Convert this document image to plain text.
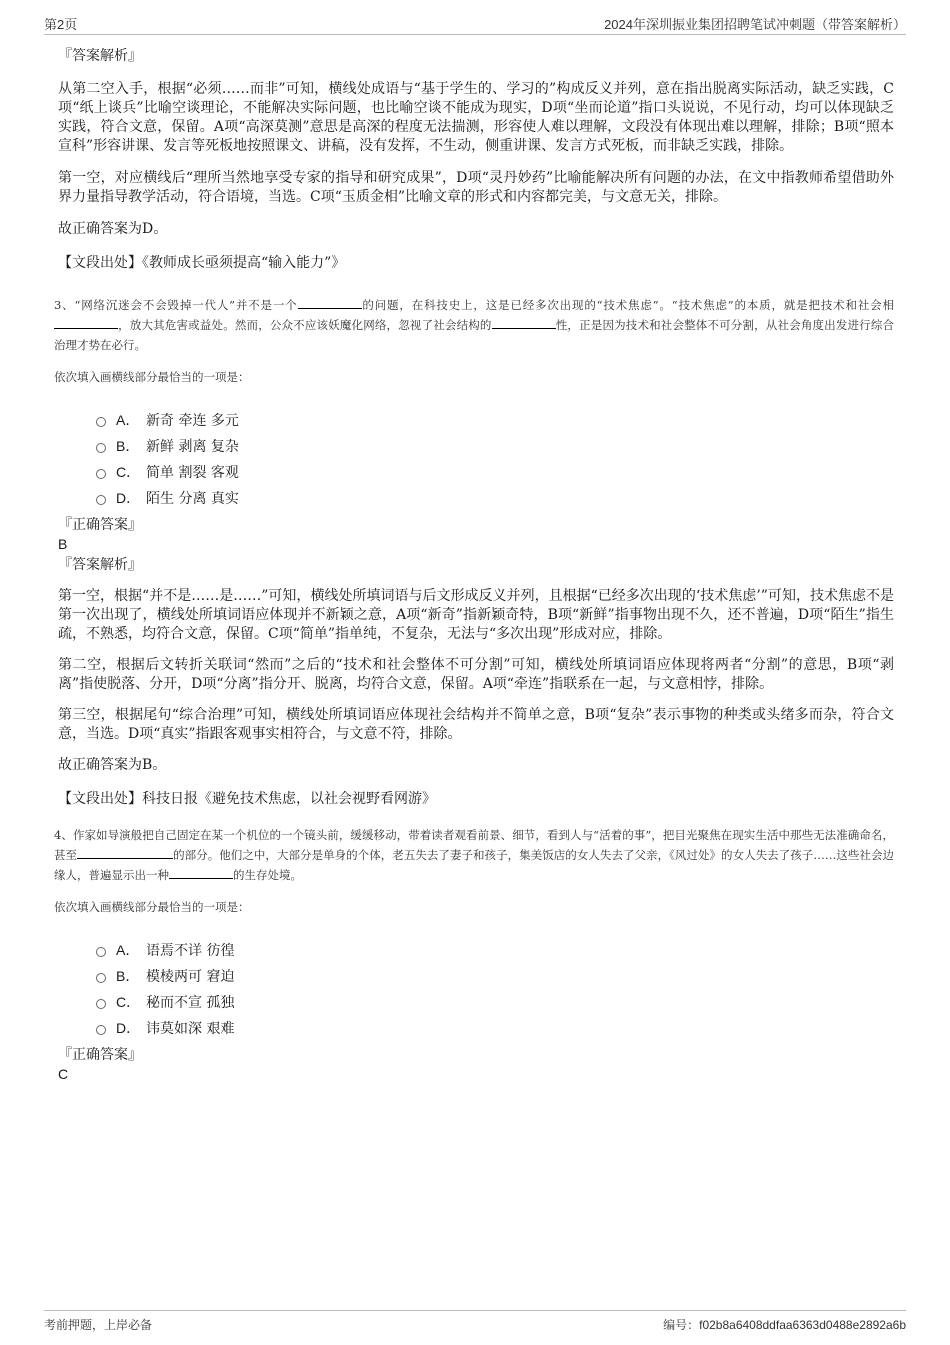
第2页	2024年深圳振业集团招聘笔试冲刺题（带答案解析）

『答案解析』

从第二空入手，根据“必须……而非”可知，横线处成语与“基于学生的、学习的”构成反义并列，意在指出脱离实际活动，缺乏实践，C项“纸上谈兵”比喻空谈理论，不能解决实际问题，也比喻空谈不能成为现实，D项“坐而论道”指口头说说，不见行动，均可以体现缺乏实践，符合文意，保留。A项“高深莫测”意思是高深的程度无法揣测，形容使人难以理解，文段没有体现出难以理解，排除；B项“照本宣科”形容讲课、发言等死板地按照课文、讲稿，没有发挥，不生动，侧重讲课、发言方式死板，而非缺乏实践，排除。

第一空，对应横线后“理所当然地享受专家的指导和研究成果”，D项“灵丹妙药”比喻能解决所有问题的办法，在文中指教师希望借助外界力量指导教学活动，符合语境，当选。C项“玉质金相”比喻文章的形式和内容都完美，与文意无关，排除。

故正确答案为D。

【文段出处】《教师成长亟须提高“输入能力”》

3、“网络沉迷会不会毁掉一代人”并不是一个	的问题，在科技史上，这是已经多次出现的“技术焦虑”。“技术焦虑”的本质，就是把技术和社会相，放大其危害或益处。然而，公众不应该妖魔化网络，忽视了社会结构的	性，正是因为技术和社会整体不可分割，从社会角度出发进行综合治理才势在必行。

依次填入画横线部分最恰当的一项是：

A． 新奇 牵连 多元
B． 新鲜 剥离 复杂
C． 简单 割裂 客观
D． 陌生 分离 真实

『正确答案』

B

『答案解析』

第一空，根据“并不是……是……”可知，横线处所填词语与后文形成反义并列，且根据“已经多次出现的‘技术焦虑’”可知，技术焦虑不是第一次出现了，横线处所填词语应体现并不新颖之意，A项“新奇”指新颖奇特，B项“新鲜”指事物出现不久，还不普遍，D项“陌生”指生疏，不熟悉，均符合文意，保留。C项“简单”指单纯，不复杂，无法与“多次出现”形成对应，排除。

第二空，根据后文转折关联词“然而”之后的“技术和社会整体不可分割”可知，横线处所填词语应体现将两者“分割”的意思，B项“剥离”指使脱落、分开，D项“分离”指分开、脱离，均符合文意，保留。A项“牵连”指联系在一起，与文意相悖，排除。

第三空，根据尾句“综合治理”可知，横线处所填词语应体现社会结构并不简单之意，B项“复杂”表示事物的种类或头绪多而杂，符合文意，当选。D项“真实”指跟客观事实相符合，与文意不符，排除。

故正确答案为B。

【文段出处】科技日报《避免技术焦虑，以社会视野看网游》

4、作家如导演般把自己固定在某一个机位的一个镜头前，缓缓移动，带着读者观看前景、细节，看到人与“活着的事”，把目光聚焦在现实生活中那些无法准确命名，甚至	的部分。他们之中，大部分是单身的个体，老五失去了妻子和孩子，集美饭店的女人失去了父亲，《风过处》的女人失去了孩子……这些社会边缘人，普遍显示出一种	的生存处境。

依次填入画横线部分最恰当的一项是：

A． 语焉不详 彷徨
B． 模棱两可 窘迫
C． 秘而不宣 孤独
D． 讳莫如深 艰难

『正确答案』

C

考前押题，上岸必备	编号：f02b8a6408ddfaa6363d0488e2892a6b
